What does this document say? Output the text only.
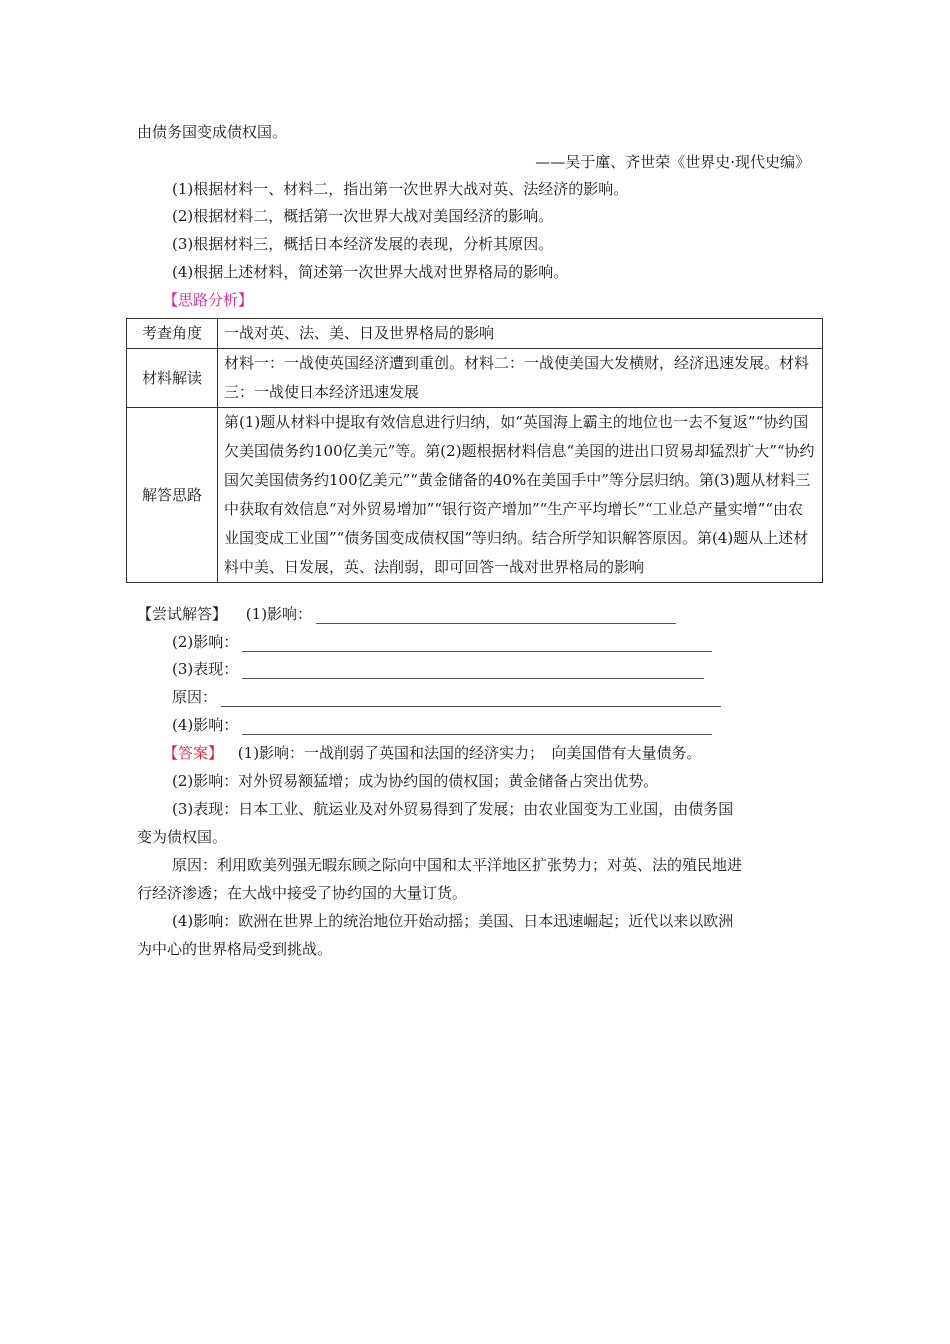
由债务国变成债权国。
——吴于廑、齐世荣《世界史·现代史编》
(1)根据材料一、材料二，指出第一次世界大战对英、法经济的影响。
(2)根据材料二，概括第一次世界大战对美国经济的影响。
(3)根据材料三，概括日本经济发展的表现，分析其原因。
(4)根据上述材料，简述第一次世界大战对世界格局的影响。
【思路分析】
考查角度	一战对英、法、美、日及世界格局的影响
材料解读	材料一：一战使英国经济遭到重创。材料二：一战使美国大发横财，经济迅速发展。材料三：一战使日本经济迅速发展
解答思路	第(1)题从材料中提取有效信息进行归纳，如“英国海上霸主的地位也一去不复返”“协约国欠美国债务约100亿美元”等。第(2)题根据材料信息“美国的进出口贸易却猛烈扩大”“协约国欠美国债务约100亿美元”“黄金储备的40%在美国手中”等分层归纳。第(3)题从材料三中获取有效信息“对外贸易增加”“银行资产增加”“生产平均增长”“工业总产量实增”“由农业国变成工业国”“债务国变成债权国”等归纳。结合所学知识解答原因。第(4)题从上述材料中美、日发展，英、法削弱，即可回答一战对世界格局的影响
【尝试解答】 (1)影响：
(2)影响：
(3)表现：
原因：
(4)影响：
【答案】 (1)影响：一战削弱了英国和法国的经济实力；　向美国借有大量债务。
(2)影响：对外贸易额猛增；成为协约国的债权国；黄金储备占突出优势。
(3)表现：日本工业、航运业及对外贸易得到了发展；由农业国变为工业国，由债务国
变为债权国。
原因：利用欧美列强无暇东顾之际向中国和太平洋地区扩张势力；对英、法的殖民地进
行经济渗透；在大战中接受了协约国的大量订货。
(4)影响：欧洲在世界上的统治地位开始动摇；美国、日本迅速崛起；近代以来以欧洲
为中心的世界格局受到挑战。
